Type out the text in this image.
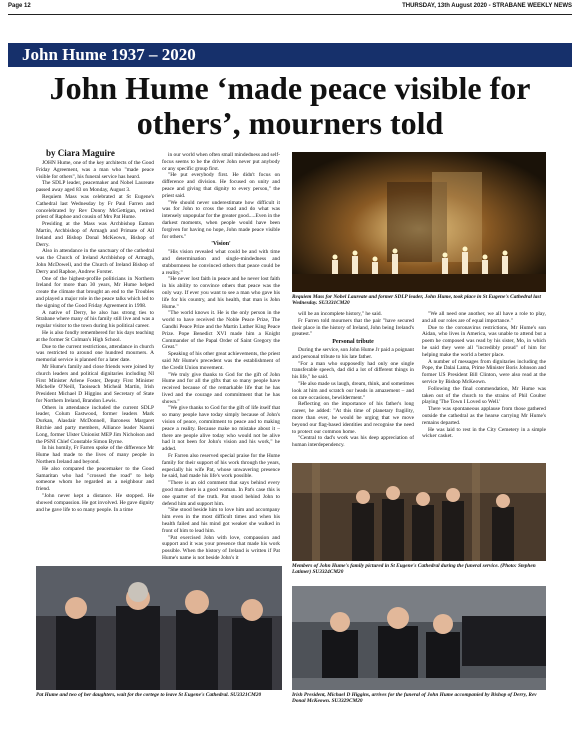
Page 12	THURSDAY, 13th August 2020 - STRABANE WEEKLY NEWS
John Hume 1937 – 2020
John Hume ‘made peace visible for others’, mourners told
by Ciara Maguire

JOHN Hume, one of the key architects of the Good Friday Agreement, was a man who "made peace visible for others", his funeral service has heard.

The SDLP leader, peacemaker and Nobel Laureate passed away aged 83 on Monday, August 3.

Requiem Mass was celebrated at St Eugene's Cathedral last Wednesday by Fr Paul Farren and concelebrated by Rev Donny McGettigan, retired priest of Raphoe and cousin of Mrs Pat Hume.

Presiding at the Mass was Archbishop Eamon Martin, Archbishop of Armagh and Primate of All Ireland and Bishop Donal McKeown, Bishop of Derry.

Also in attendance in the sanctuary of the cathedral was the Church of Ireland Archbishop of Armagh, John McDowell, and the Church of Ireland Bishop of Derry and Raphoe, Andrew Forster.

One of the highest-profile politicians in Northern Ireland for more than 30 years, Mr Hume helped create the climate that brought an end to the Troubles and played a major role in the peace talks which led to the signing of the Good Friday Agreement in 1998.

A native of Derry, he also has strong ties to Strabane where many of his family still live and was a regular visitor to the town during his political career.

He is also fondly remembered for his days teaching at the former St Colman's High School.

Due to the current restrictions, attendance in church was restricted to around one hundred mourners. A memorial service is planned for a later date.

Mr Hume's family and close friends were joined by church leaders and political dignitaries including NI First Minister Arlene Foster, Deputy First Minister Michelle O'Neill, Taoiseach Micheál Martin, Irish President Michael D Higgins and Secretary of State for Northern Ireland, Brandon Lewis.

Others in attendance included the current SDLP leader, Colum Eastwood, former leaders Mark Durkan, Alasdair McDonnell, Baroness Margaret Ritchie and party members, Alliance leader Naomi Long, former Ulster Unionist MEP Jim Nicholson and the PSNI Chief Constable Simon Byrne.

In his homily, Fr Farren spoke of the difference Mr Hume had made to the lives of many people in Northern Ireland and beyond.

He also compared the peacemaker to the Good Samaritan who had "crossed the road" to help someone whom he regarded as a neighbour and friend.

"John never kept a distance. He stopped. He showed compassion. He got involved. He gave dignity and he gave life to so many people. In a time

in our world when often small mindedness and self-focus seems to be the driver John never put anybody or any specific group first.

"He put everybody first. He didn't focus on difference and division. He focused on unity and peace and giving that dignity to every person," the priest said.

"We should never underestimate how difficult it was for John to cross the road and do what was intensely unpopular for the greater good.....Even in the darkest moments, when people would have been forgiven for having no hope, John made peace visible for others."

'Vision'

"His vision revealed what could be and with time and determination and single-mindedness and stubbornness he convinced others that peace could be a reality."

"He never lost faith in peace and he never lost faith in his ability to convince others that peace was the only way. If ever you want to see a man who gave his life for his country, and his health, that man is John Hume."

"The world knows it. He is the only person in the world to have received the Noble Peace Prize, The Gandhi Peace Prize and the Martin Luther King Peace Prize. Pope Benedict XVI made him a Knight Commander of the Papal Order of Saint Gregory the Great."

Speaking of his other great achievements, the priest said Mr Hume's precedent was the establishment of the Credit Union movement.

"We truly give thanks to God for the gift of John Hume and for all the gifts that so many people have received because of the remarkable life that he has lived and the courage and commitment that he has shown."

"We give thanks to God for the gift of life itself that so many people have today simply because of John's vision of peace, commitment to peace and to making peace a reality. Because make no mistake about it – there are people alive today who would not be alive had it not been for John's vision and his work," he added.

Fr Farren also reserved special praise for the Hume family for their support of his work through the years, especially his wife Pat, whose unwavering presence he said, had made his life's work possible.

"There is an old comment that says behind every good man there is a good woman. In Pat's case this is one quarter of the truth. Pat stood behind John to defend him and support him.

"She stood beside him to love him and accompany him even in the most difficult times and when his health failed and his mind got weaker she walked in front of him to lead him.

"Pat exercised John with love, compassion and support and it was your presence that made his work possible. When the history of Ireland is written if Pat Hume's name is not beside John's it

Requiem Mass for Nobel Laureate and former SDLP leader, John Hume, took place in St Eugene's Cathedral last Wednesday. SU3331CM20

will be an incomplete history," he said.

Fr Farren told mourners that the pair "have secured their place in the history of Ireland, John being Ireland's greatest."

Personal tribute

During the service, son John Hume Jr paid a poignant and personal tribute to his late father.

"For a man who supposedly had only one single transferable speech, dad did a lot of different things in his life," he said.

"He also made us laugh, dream, think, and sometimes look at him and scratch our heads in amazement – and on rare occasions, bewilderment."

Reflecting on the importance of his father's long career, he added: "At this time of planetary fragility, more than ever, he would be urging that we move beyond our flag-based identities and recognise the need to protect our common home.

"Central to dad's work was his deep appreciation of human interdependency.

"We all need one another, we all have a role to play, and all our roles are of equal importance."

Due to the coronavirus restrictions, Mr Hume's son Aidan, who lives in America, was unable to attend but a poem he composed was read by his sister, Mo, in which he said they were all "incredibly proud" of him for helping make the world a better place.

A number of messages from dignitaries including the Pope, the Dalai Lama, Prime Minister Boris Johnson and former US President Bill Clinton, were also read at the service by Bishop McKeown.

Following the final commendation, Mr Hume was taken out of the church to the strains of Phil Coulter playing 'The Town I Loved so Well.'

There was spontaneous applause from those gathered outside the cathedral as the hearse carrying Mr Hume's remains departed.

He was laid to rest in the City Cemetery in a simple wicker casket.

Members of John Hume's family pictured in St Eugene's Cathedral during the funeral service. (Photo: Stephen Latimer) SU3324CM20
Pat Hume and two of her daughters, wait for the cortege to leave St Eugene's Cathedral. SU3321CM20	Irish President, Michael D Higgins, arrives for the funeral of John Hume accompanied by Bishop of Derry, Rev Donal McKeown. SU3329CM20
